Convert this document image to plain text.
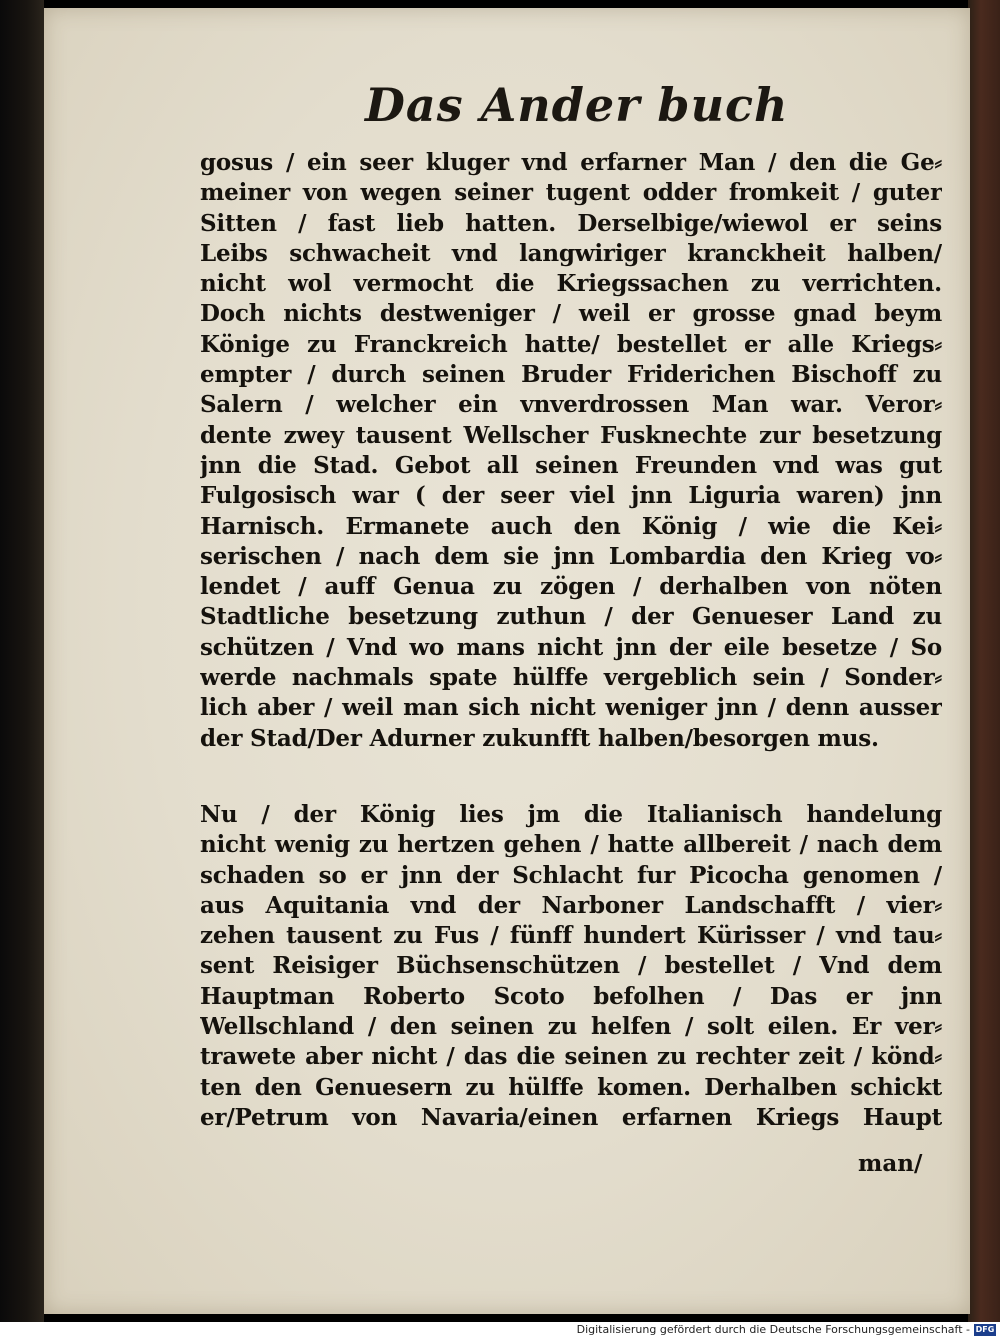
Das Ander buch
gosus / ein seer kluger vnd erfarner Man / den die Ge⸗
meiner von wegen seiner tugent odder fromkeit / guter
Sitten / fast lieb hatten. Derselbige/wiewol er seins
Leibs schwacheit vnd langwiriger kranckheit halben/
nicht wol vermocht die Kriegssachen zu verrichten.
Doch nichts destweniger / weil er grosse gnad beym
Könige zu Franckreich hatte/ bestellet er alle Kriegs⸗
empter / durch seinen Bruder Friderichen Bischoff zu
Salern / welcher ein vnverdrossen Man war. Veror⸗
dente zwey tausent Wellscher Fusknechte zur besetzung
jnn die Stad. Gebot all seinen Freunden vnd was gut
Fulgosisch war ( der seer viel jnn Liguria waren) jnn
Harnisch. Ermanete auch den König / wie die Kei⸗
serischen / nach dem sie jnn Lombardia den Krieg vo⸗
lendet / auff Genua zu zögen / derhalben von nöten
Stadtliche besetzung zuthun / der Genueser Land zu
schützen / Vnd wo mans nicht jnn der eile besetze / So
werde nachmals spate hülffe vergeblich sein / Sonder⸗
lich aber / weil man sich nicht weniger jnn / denn ausser
der Stad/Der Adurner zukunfft halben/besorgen mus.
Nu / der König lies jm die Italianisch handelung
nicht wenig zu hertzen gehen / hatte allbereit / nach dem
schaden so er jnn der Schlacht fur Picocha genomen /
aus Aquitania vnd der Narboner Landschafft / vier⸗
zehen tausent zu Fus / fünff hundert Kürisser / vnd tau⸗
sent Reisiger Büchsenschützen / bestellet / Vnd dem
Hauptman Roberto Scoto befolhen / Das er jnn
Wellschland / den seinen zu helfen / solt eilen. Er ver⸗
trawete aber nicht / das die seinen zu rechter zeit / könd⸗
ten den Genuesern zu hülffe komen. Derhalben schickt
er/Petrum von Navaria/einen erfarnen Kriegs Haupt
man/
Digitalisierung gefördert durch die Deutsche Forschungsgemeinschaft - DFG
